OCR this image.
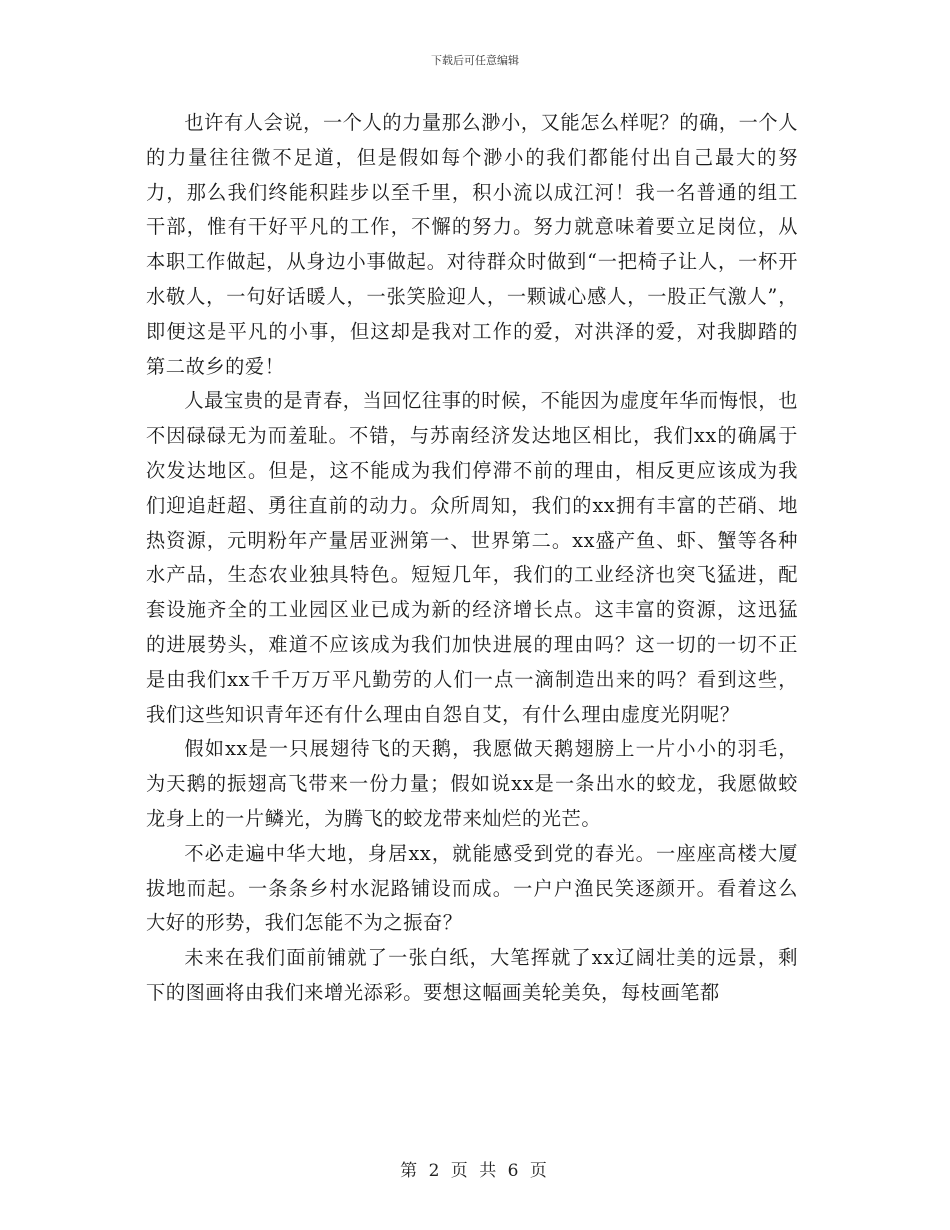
下载后可任意编辑

也许有人会说，一个人的力量那么渺小，又能怎么样呢？的确，一个人的力量往往微不足道，但是假如每个渺小的我们都能付出自己最大的努力，那么我们终能积跬步以至千里，积小流以成江河！我一名普通的组工干部，惟有干好平凡的工作，不懈的努力。努力就意味着要立足岗位，从本职工作做起，从身边小事做起。对待群众时做到“一把椅子让人，一杯开水敬人，一句好话暖人，一张笑脸迎人，一颗诚心感人，一股正气激人”，即便这是平凡的小事，但这却是我对工作的爱，对洪泽的爱，对我脚踏的第二故乡的爱！

人最宝贵的是青春，当回忆往事的时候，不能因为虚度年华而悔恨，也不因碌碌无为而羞耻。不错，与苏南经济发达地区相比，我们xx的确属于次发达地区。但是，这不能成为我们停滞不前的理由，相反更应该成为我们迎追赶超、勇往直前的动力。众所周知，我们的xx拥有丰富的芒硝、地热资源，元明粉年产量居亚洲第一、世界第二。xx盛产鱼、虾、蟹等各种水产品，生态农业独具特色。短短几年，我们的工业经济也突飞猛进，配套设施齐全的工业园区业已成为新的经济增长点。这丰富的资源，这迅猛的进展势头，难道不应该成为我们加快进展的理由吗？这一切的一切不正是由我们xx千千万万平凡勤劳的人们一点一滴制造出来的吗？看到这些，我们这些知识青年还有什么理由自怨自艾，有什么理由虚度光阴呢？

假如xx是一只展翅待飞的天鹅，我愿做天鹅翅膀上一片小小的羽毛，为天鹅的振翅高飞带来一份力量；假如说xx是一条出水的蛟龙，我愿做蛟龙身上的一片鳞光，为腾飞的蛟龙带来灿烂的光芒。

不必走遍中华大地，身居xx，就能感受到党的春光。一座座高楼大厦拔地而起。一条条乡村水泥路铺设而成。一户户渔民笑逐颜开。看着这么大好的形势，我们怎能不为之振奋？

未来在我们面前铺就了一张白纸，大笔挥就了xx辽阔壮美的远景，剩下的图画将由我们来增光添彩。要想这幅画美轮美奂，每枝画笔都

第 2 页 共 6 页
